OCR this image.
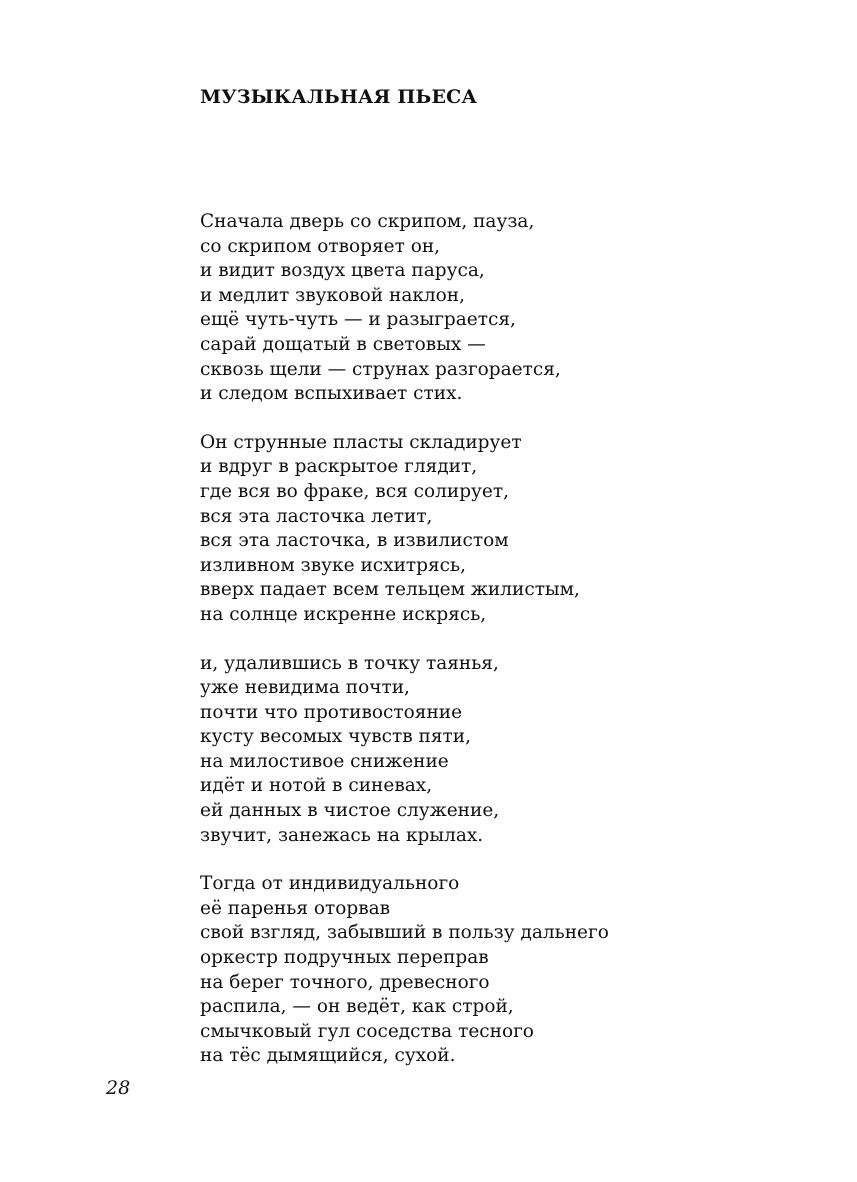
МУЗЫКАЛЬНАЯ ПЬЕСА
Сначала дверь со скрипом, пауза,
со скрипом отворяет он,
и видит воздух цвета паруса,
и медлит звуковой наклон,
ещё чуть-чуть — и разыграется,
сарай дощатый в световых —
сквозь щели — струнах разгорается,
и следом вспыхивает стих.
Он струнные пласты складирует
и вдруг в раскрытое глядит,
где вся во фраке, вся солирует,
вся эта ласточка летит,
вся эта ласточка, в извилистом
изливном звуке исхитрясь,
вверх падает всем тельцем жилистым,
на солнце искренне искрясь,
и, удалившись в точку таянья,
уже невидима почти,
почти что противостояние
кусту весомых чувств пяти,
на милостивое снижение
идёт и нотой в синевах,
ей данных в чистое служение,
звучит, занежась на крылах.
Тогда от индивидуального
её паренья оторвав
свой взгляд, забывший в пользу дальнего
оркестр подручных переправ
на берег точного, древесного
распила, — он ведёт, как строй,
смычковый гул соседства тесного
на тёс дымящийся, сухой.
28
